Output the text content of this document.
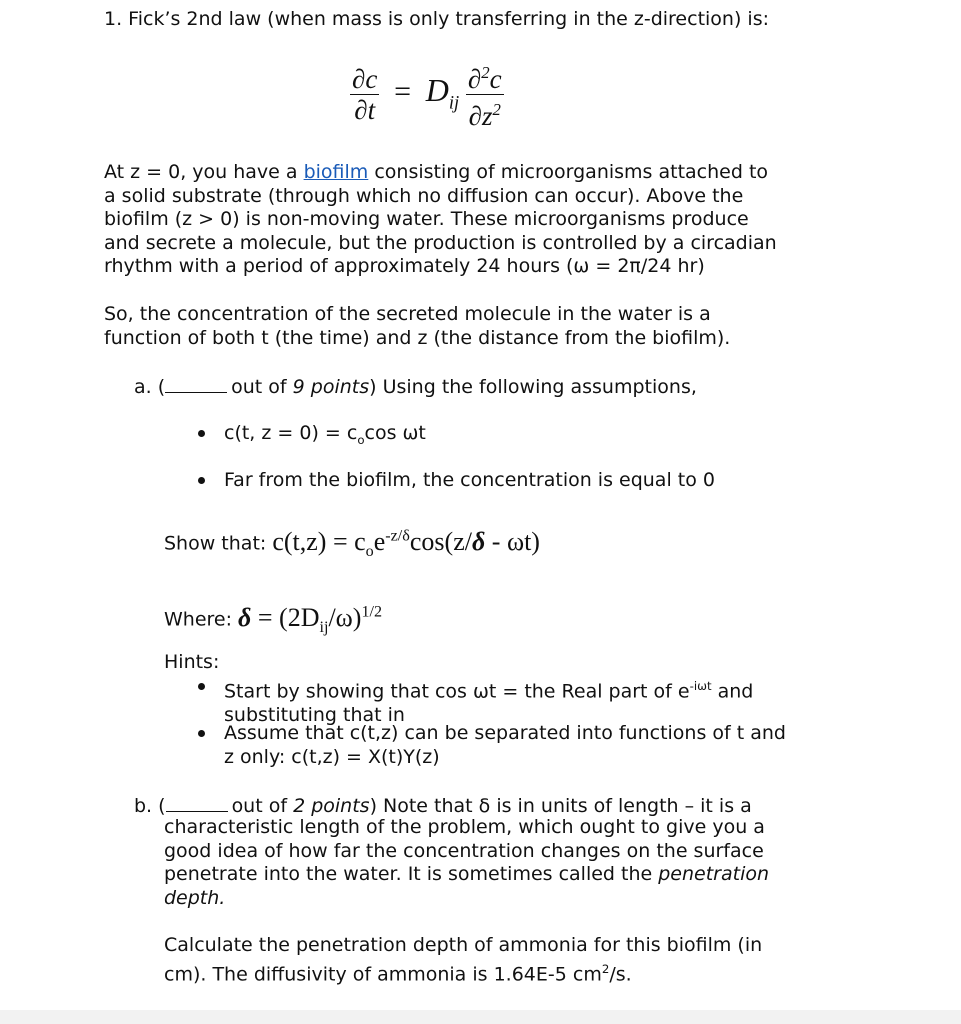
1. Fick’s 2nd law (when mass is only transferring in the z-direction) is:
$\frac{\partial c}{\partial t} = D_{ij} \frac{\partial^2c}{\partial z^2}$
At z = 0, you have a biofilm consisting of microorganisms attached to
a solid substrate (through which no diffusion can occur). Above the
biofilm (z > 0) is non-moving water. These microorganisms produce
and secrete a molecule, but the production is controlled by a circadian
rhythm with a period of approximately 24 hours (ω = 2π/24 hr)
So, the concentration of the secreted molecule in the water is a
function of both t (the time) and z (the distance from the biofilm).
a. (	out of 9 points) Using the following assumptions,
c(t, $z = 0) = c_o\cos$ ωt
Far from the biofilm, the concentration is equal to 0
Show that: $c(t,z) = c_oe^{-z/\delta}\cos(z/\delta - \omega t)$
Where: $\delta = (2D_{ij}/\omega)^{1/2}$
Hints:
Start by showing that cos ωt = the Real part of $e^{-i\omega t}$ and
substituting that in
Assume that c(t,z) can be separated into functions of t and
z only: c(t,z) = X(t)Y(z)
b. (	out of 2 points) Note that δ is in units of length – it is a
characteristic length of the problem, which ought to give you a
good idea of how far the concentration changes on the surface
penetrate into the water. It is sometimes called the penetration
depth.
Calculate the penetration depth of ammonia for this biofilm (in
cm). The diffusivity of ammonia is 1.64E-5 $cm^2/s$.
